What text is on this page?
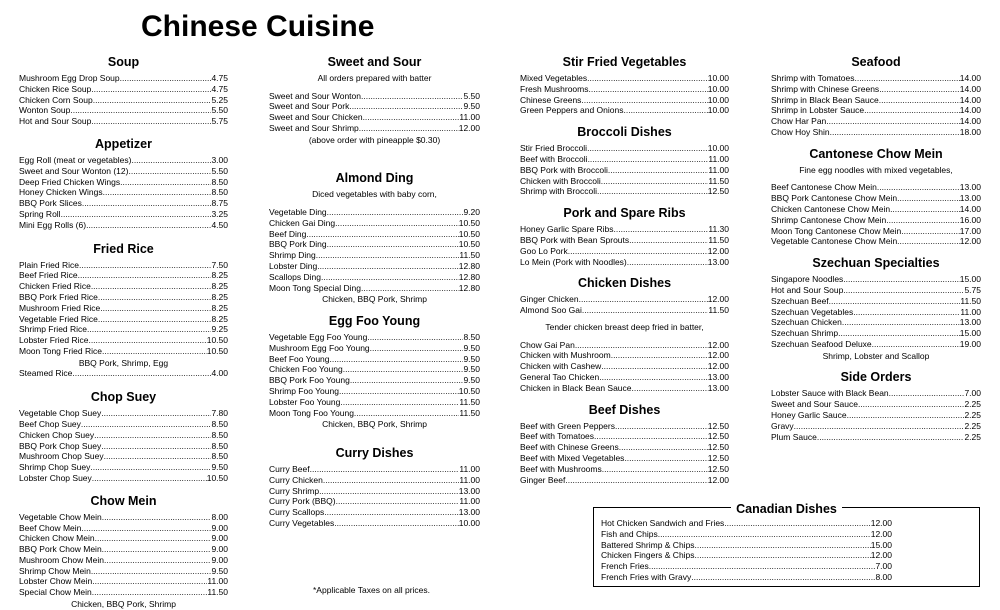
Chinese Cuisine
Soup
Mushroom Egg Drop Soup .....	4.75
Chicken Rice Soup .....	4.75
Chicken Corn Soup .....	5.25
Wonton Soup .....	5.50
Hot and Sour Soup .....	5.75
Appetizer
Egg Roll (meat or vegetables) .....	3.00
Sweet and Sour Wonton (12) .....	5.50
Deep Fried Chicken Wings .....	8.50
Honey Chicken Wings .....	8.50
BBQ Pork Slices .....	8.75
Spring Roll .....	3.25
Mini Egg Rolls (6) .....	4.50
Fried Rice
Plain Fried Rice .....	7.50
Beef Fried Rice .....	8.25
Chicken Fried Rice .....	8.25
BBQ Pork Fried Rice .....	8.25
Mushroom Fried Rice .....	8.25
Vegetable Fried Rice .....	8.25
Shrimp Fried Rice .....	9.25
Lobster Fried Rice .....	10.50
Moon Tong Fried Rice .....	10.50

BBQ Pork, Shrimp, Egg

Steamed Rice .....	4.00
Chop Suey
Vegetable Chop Suey .....	7.80
Beef Chop Suey .....	8.50
Chicken Chop Suey .....	8.50
BBQ Pork Chop Suey .....	8.50
Mushroom Chop Suey .....	8.50
Shrimp Chop Suey .....	9.50
Lobster Chop Suey .....	10.50
Chow Mein
Vegetable Chow Mein .....	8.00
Beef Chow Mein .....	9.00
Chicken Chow Mein .....	9.00
BBQ Pork Chow Mein .....	9.00
Mushroom Chow Mein .....	9.00
Shrimp Chow Mein .....	9.50
Lobster Chow Mein .....	11.00
Special Chow Mein .....	11.50

Chicken, BBQ Pork, Shrimp

Sweet and Sour

All orders prepared with batter

Sweet and Sour Wonton .....	5.50
Sweet and Sour Pork .....	9.50
Sweet and Sour Chicken .....	11.00
Sweet and Sour Shrimp .....	12.00

(above order with pineapple $0.30)

Almond Ding

Diced vegetables with baby corn,

Vegetable Ding .....	9.20
Chicken Gai Ding .....	10.50
Beef Ding .....	10.50
BBQ Pork Ding .....	10.50
Shrimp Ding .....	11.50
Lobster Ding .....	12.80
Scallops Ding .....	12.80
Moon Tong Special Ding .....	12.80

Chicken, BBQ Pork, Shrimp

Egg Foo Young
Vegetable Egg Foo Young .....	8.50
Mushroom Egg Foo Young .....	9.50
Beef Foo Young .....	9.50
Chicken Foo Young .....	9.50
BBQ Pork Foo Young .....	9.50
Shrimp Foo Young .....	10.50
Lobster Foo Young .....	11.50
Moon Tong Foo Young .....	11.50

Chicken, BBQ Pork, Shrimp

Curry Dishes
Curry Beef .....	11.00
Curry Chicken .....	11.00
Curry Shrimp .....	13.00
Curry Pork (BBQ) .....	11.00
Curry Scallops .....	13.00
Curry Vegetables .....	10.00
Stir Fried Vegetables
Mixed Vegetables .....	10.00
Fresh Mushrooms .....	10.00
Chinese Greens .....	10.00
Green Peppers and Onions .....	10.00
Broccoli Dishes
Stir Fried Broccoli .....	10.00
Beef with Broccoli .....	11.00
BBQ Pork with Broccoli .....	11.00
Chicken with Broccoli .....	11.50
Shrimp with Broccoli .....	12.50
Pork and Spare Ribs
Honey Garlic Spare Ribs .....	11.30
BBQ Pork with Bean Sprouts .....	11.50
Goo Lo Pork .....	12.00
Lo Mein (Pork with Noodles) .....	13.00
Chicken Dishes
Ginger Chicken .....	12.00
Almond Soo Gai .....	11.50

Tender chicken breast deep fried in batter,

Chow Gai Pan .....	12.00
Chicken with Mushroom .....	12.00
Chicken with Cashew .....	12.00
General Tao Chicken .....	13.00
Chicken in Black Bean Sauce .....	13.00
Beef Dishes
Beef with Green Peppers .....	12.50
Beef with Tomatoes .....	12.50
Beef with Chinese Greens .....	12.50
Beef with Mixed Vegetables .....	12.50
Beef with Mushrooms .....	12.50
Ginger Beef .....	12.00
Seafood
Shrimp with Tomatoes .....	14.00
Shrimp with Chinese Greens .....	14.00
Shrimp in Black Bean Sauce .....	14.00
Shrimp in Lobster Sauce .....	14.00
Chow Har Pan .....	14.00
Chow Hoy Shin .....	18.00
Cantonese Chow Mein

Fine egg noodles with mixed vegetables,

Beef Cantonese Chow Mein .....	13.00
BBQ Pork Cantonese Chow Mein .....	13.00
Chicken Cantonese Chow Mein .....	14.00
Shrimp Cantonese Chow Mein .....	16.00
Moon Tong Cantonese Chow Mein .....	17.00
Vegetable Cantonese Chow Mein .....	12.00
Szechuan Specialties
Singapore Noodles .....	15.00
Hot and Sour Soup .....	5.75
Szechuan Beef .....	11.50
Szechuan Vegetables .....	11.00
Szechuan Chicken .....	13.00
Szechuan Shrimp .....	15.00
Szechuan Seafood Deluxe .....	19.00

Shrimp, Lobster and Scallop

Side Orders
Lobster Sauce with Black Bean .....	7.00
Sweet and Sour Sauce .....	2.25
Honey Garlic Sauce .....	2.25
Gravy .....	2.25
Plum Sauce .....	2.25

*Applicable Taxes on all prices.

Canadian Dishes
Hot Chicken Sandwich and Fries .....	12.00
Fish and Chips .....	12.00
Battered Shrimp & Chips .....	15.00
Chicken Fingers & Chips .....	12.00
French Fries .....	7.00
French Fries with Gravy .....	8.00
